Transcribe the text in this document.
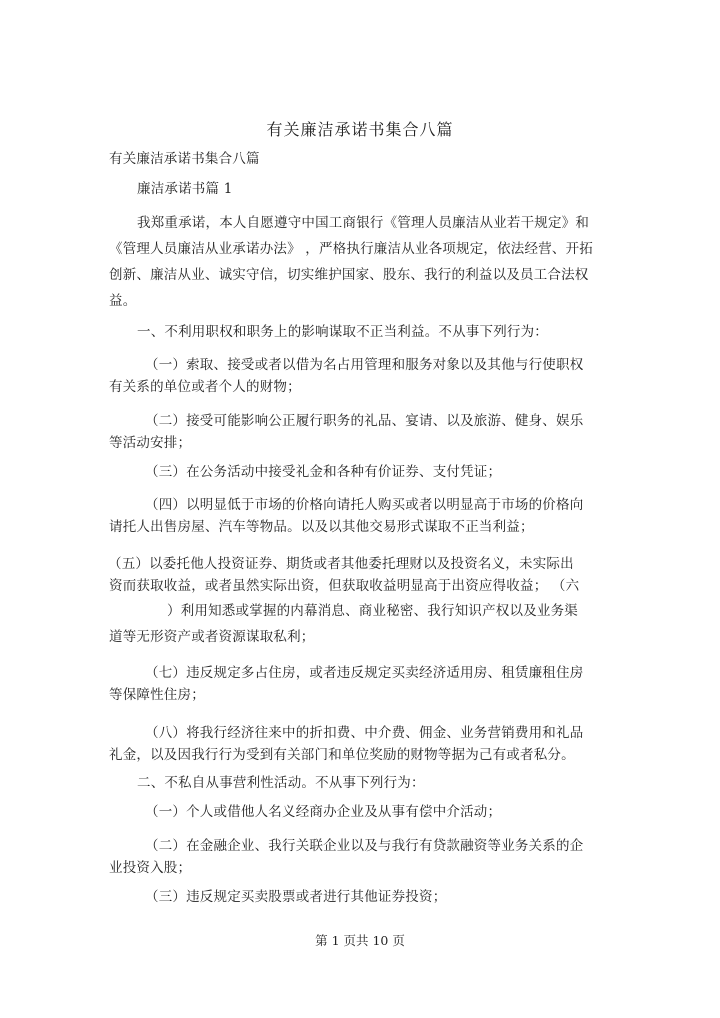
有关廉洁承诺书集合八篇
有关廉洁承诺书集合八篇
廉洁承诺书篇 1
我郑重承诺，本人自愿遵守中国工商银行《管理人员廉洁从业若干规定》和
《管理人员廉洁从业承诺办法》 ，严格执行廉洁从业各项规定，依法经营、开拓
创新、廉洁从业、诚实守信，切实维护国家、股东、我行的利益以及员工合法权
益。
一、不利用职权和职务上的影响谋取不正当利益。不从事下列行为：
（一）索取、接受或者以借为名占用管理和服务对象以及其他与行使职权
有关系的单位或者个人的财物；
（二）接受可能影响公正履行职务的礼品、宴请、以及旅游、健身、娱乐
等活动安排；
（三）在公务活动中接受礼金和各种有价证券、支付凭证；
（四）以明显低于市场的价格向请托人购买或者以明显高于市场的价格向
请托人出售房屋、汽车等物品。以及以其他交易形式谋取不正当利益；
（五）以委托他人投资证券、期货或者其他委托理财以及投资名义，未实际出
资而获取收益，或者虽然实际出资，但获取收益明显高于出资应得收益； （六
）利用知悉或掌握的内幕消息、商业秘密、我行知识产权以及业务渠
道等无形资产或者资源谋取私利；
（七）违反规定多占住房，或者违反规定买卖经济适用房、租赁廉租住房
等保障性住房；
（八）将我行经济往来中的折扣费、中介费、佣金、业务营销费用和礼品
礼金，以及因我行行为受到有关部门和单位奖励的财物等据为己有或者私分。
二、不私自从事营利性活动。不从事下列行为：
（一）个人或借他人名义经商办企业及从事有偿中介活动；
（二）在金融企业、我行关联企业以及与我行有贷款融资等业务关系的企
业投资入股；
（三）违反规定买卖股票或者进行其他证券投资；
第 1 页共 10 页
